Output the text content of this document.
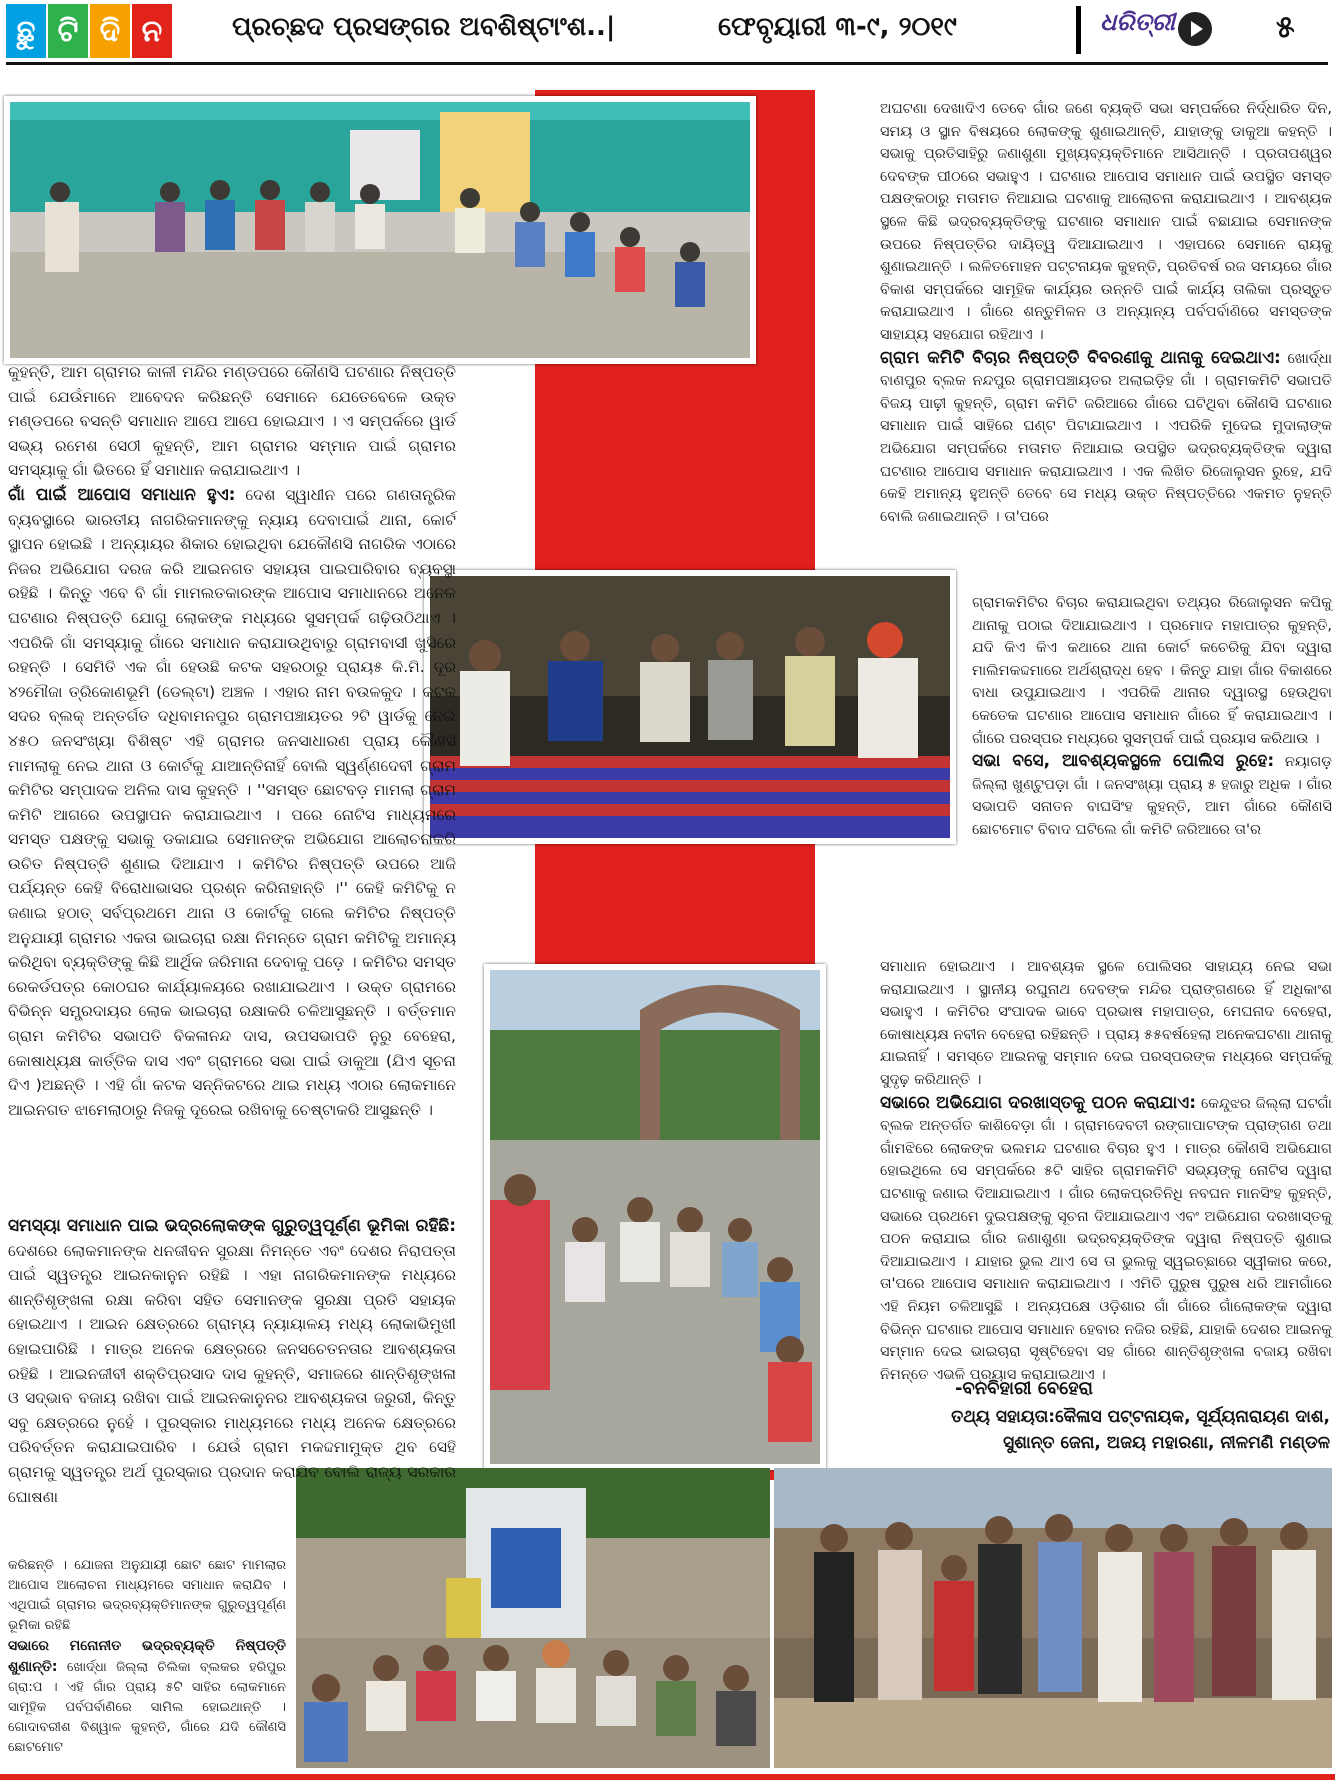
ଛୁ ଟି ଦି ନ	ପ୍ରଚ୍ଛଦ ପ୍ରସଙ୍ଗର ଅବଶିଷ୍ଟାଂଶ..|	ଫେବୃୟାରୀ ୩-୯, ୨୦୧୯	ଧରିତ୍ରୀ	୫

କୁହନ୍ତି, ଆମ ଗ୍ରାମର କାଳୀ ମନ୍ଦିର ମଣ୍ଡପରେ କୌଣସି ଘଟଣାର ନିଷ୍ପତ୍ତି ପାଇଁ ଯେଉଁମାନେ ଆବେଦନ କରିଛନ୍ତି ସେମାନେ ଯେତେବେଳେ ଉକ୍ତ ମଣ୍ଡପରେ ବସନ୍ତି ସମାଧାନ ଆପେ ଆପେ ହୋଇଯାଏ । ଏ ସମ୍ପର୍କରେ ୱାର୍ଡ ସଭ୍ୟ ରମେଶ ସେଠୀ କୁହନ୍ତି, ଆମ ଗ୍ରାମର ସମ୍ମାନ ପାଇଁ ଗ୍ରାମର ସମସ୍ୟାକୁ ଗାଁ ଭିତରେ ହିଁ ସମାଧାନ କରାଯାଇଥାଏ ।

ଗାଁ ପାଇଁ ଆପୋସ ସମାଧାନ ହୁଏ: ଦେଶ ସ୍ୱାଧୀନ ପରେ ଗଣତାନ୍ତ୍ରିକ ବ୍ୟବସ୍ଥାରେ ଭାରତୀୟ ନାଗରିକମାନଙ୍କୁ ନ୍ୟାୟ ଦେବାପାଇଁ ଥାନା, କୋର୍ଟ ସ୍ଥାପନ ହୋଇଛି । ଅନ୍ୟାୟର ଶିକାର ହୋଇଥିବା ଯେକୌଣସି ନାଗରିକ ଏଠାରେ ନିଜର ଅଭିଯୋଗ ଦରଜ କରି ଆଇନଗତ ସହାୟତା ପାଇପାରିବାର ବ୍ୟବସ୍ଥା ରହିଛି । କିନ୍ତୁ ଏବେ ବି ଗାଁ ମାମଲତକାରଙ୍କ ଆପୋସ ସମାଧାନରେ ଅନେକ ଘଟଣାର ନିଷ୍ପତ୍ତି ଯୋଗୁ ଲୋକଙ୍କ ମଧ୍ୟରେ ସୁସମ୍ପର୍କ ଗଢ଼ିଉଠିଥାଏ । ଏପରିକି ଗାଁ ସମସ୍ୟାକୁ ଗାଁରେ ସମାଧାନ କରାଯାଉଥିବାରୁ ଗ୍ରାମବାସୀ ଖୁସିରେ ରହନ୍ତି । ସେମିତି ଏକ ଗାଁ ହେଉଛି କଟକ ସହରଠାରୁ ପ୍ରାୟ୫ କି.ମି. ଦୂର ୪୨ମୌଜା ତ୍ରିକୋଣଭୂମି (ଡେଲ୍ଟା) ଅଞ୍ଚଳ । ଏହାର ନାମ ବଉଳକୁଦ । କଟକ ସଦର ବ୍ଲକ୍ ଅନ୍ତର୍ଗତ ଦଧିବାମନପୁର ଗ୍ରାମପଞ୍ଚାୟତର ୨ଟି ୱାର୍ଡକୁ ନେଇ ୪୫୦ ଜନସଂଖ୍ୟା ବିଶିଷ୍ଟ ଏହି ଗ୍ରାମର ଜନସାଧାରଣ ପ୍ରାୟ କୌଣସି ମାମଲାକୁ ନେଇ ଥାନା ଓ କୋର୍ଟକୁ ଯାଆନ୍ତିନାହିଁ ବୋଲି ସ୍ୱର୍ଣ୍ଣଦେବୀ ଗ୍ରାମ କମିଟିର ସମ୍ପାଦକ ଅନିଲ ଦାସ କୁହନ୍ତି । ''ସମସ୍ତ ଛୋଟବଡ଼ ମାମଲା ଗ୍ରାମ କମିଟି ଆଗରେ ଉପସ୍ଥାପନ କରାଯାଇଥାଏ । ପରେ ନୋଟିସ ମାଧ୍ୟମରେ ସମସ୍ତ ପକ୍ଷଙ୍କୁ ସଭାକୁ ଡକାଯାଇ ସେମାନଙ୍କ ଅଭିଯୋଗ ଆଲୋଚନାକରି ଉଚିତ ନିଷ୍ପତ୍ତି ଶୁଣାଇ ଦିଆଯାଏ । କମିଟିର ନିଷ୍ପତ୍ତି ଉପରେ ଆଜି ପର୍ଯ୍ୟନ୍ତ କେହି ବିରୋଧାଭାସର ପ୍ରଶ୍ନ କରିନାହାନ୍ତି ।'' କେହି କମିଟିକୁ ନ ଜଣାଇ ହଠାତ୍ ସର୍ବପ୍ରଥମେ ଥାନା ଓ କୋର୍ଟକୁ ଗଲେ କମିଟିର ନିଷ୍ପତ୍ତି ଅନୁଯାୟୀ ଗ୍ରାମର ଏକତା ଭାଇଚାରା ରକ୍ଷା ନିମନ୍ତେ ଗ୍ରାମ କମିଟିକୁ ଅମାନ୍ୟ କରିଥିବା ବ୍ୟକ୍ତିଙ୍କୁ କିଛି ଆର୍ଥିକ ଜରିମାନା ଦେବାକୁ ପଡ଼େ । କମିଟିର ସମସ୍ତ ରେକର୍ଡପତ୍ର କୋଠଘର କାର୍ଯ୍ୟାଳୟରେ ରଖାଯାଇଥାଏ । ଉକ୍ତ ଗ୍ରାମରେ ବିଭିନ୍ନ ସମ୍ପ୍ରଦାୟର ଲୋକ ଭାଇଚାରା ରକ୍ଷାକରି ଚଳିଆସୁଛନ୍ତି । ବର୍ତ୍ତମାନ ଗ୍ରାମ କମିଟିର ସଭାପତି ବିକଳାନନ୍ଦ ଦାସ, ଉପସଭାପତି ନୁରୁ ବେହେରା, କୋଷାଧ୍ୟକ୍ଷ କାର୍ତ୍ତିକ ଦାସ ଏବଂ ଗ୍ରାମରେ ସଭା ପାଇଁ ଡାକୁଆ (ଯିଏ ସୂଚନା ଦିଏ )ଅଛନ୍ତି । ଏହି ଗାଁ କଟକ ସନ୍ନିକଟରେ ଥାଇ ମଧ୍ୟ ଏଠାର ଲୋକମାନେ ଆଇନଗତ ଝାମେଲାଠାରୁ ନିଜକୁ ଦୂରେଇ ରଖିବାକୁ ଚେଷ୍ଟାକରି ଆସୁଛନ୍ତି ।

ସମସ୍ୟା ସମାଧାନ ପାଇ ଭଦ୍ରଲୋକଙ୍କ ଗୁରୁତ୍ୱପୂର୍ଣ୍ଣ ଭୂମିକା ରହିଛି: ଦେଶରେ ଲୋକମାନଙ୍କ ଧନଜୀବନ ସୁରକ୍ଷା ନିମନ୍ତେ ଏବଂ ଦେଶର ନିରାପତ୍ତା ପାଇଁ ସ୍ୱତନ୍ତ୍ର ଆଇନକାନୁନ ରହିଛି । ଏହା ନାଗରିକମାନଙ୍କ ମଧ୍ୟରେ ଶାନ୍ତିଶୃଙ୍ଖଳା ରକ୍ଷା କରିବା ସହିତ ସେମାନଙ୍କ ସୁରକ୍ଷା ପ୍ରତି ସହାୟକ ହୋଇଥାଏ । ଆଇନ କ୍ଷେତ୍ରରେ ଗ୍ରାମ୍ୟ ନ୍ୟାୟାଳୟ ମଧ୍ୟ ଲୋକାଭିମୁଖୀ ହୋଇପାରିଛି । ମାତ୍ର ଅନେକ କ୍ଷେତ୍ରରେ ଜନସଚେତନତାର ଆବଶ୍ୟକତା ରହିଛି । ଆଇନଜୀବୀ ଶକ୍ତିପ୍ରସାଦ ଦାସ କୁହନ୍ତି, ସମାଜରେ ଶାନ୍ତିଶୃଙ୍ଖଳା ଓ ସଦ୍ଭାବ ବଜାୟ ରଖିବା ପାଇଁ ଆଇନକାନୁନର ଆବଶ୍ୟକତା ଜରୁରୀ, କିନ୍ତୁ ସବୁ କ୍ଷେତ୍ରରେ ନୁହେଁ । ପୁରସ୍କାର ମାଧ୍ୟମରେ ମଧ୍ୟ ଅନେକ କ୍ଷେତ୍ରରେ ପରିବର୍ତ୍ତନ କରାଯାଇପାରିବ । ଯେଉଁ ଗ୍ରାମ ମକଦ୍ଦମାମୁକ୍ତ ଥିବ ସେହି ଗ୍ରାମକୁ ସ୍ୱତନ୍ତ୍ର ଅର୍ଥ ପୁରସ୍କାର ପ୍ରଦାନ କରାଯିବ ବୋଲି ରାଜ୍ୟ ସରକାର ଘୋଷଣା

କରିଛନ୍ତି । ଯୋଜନା ଅନୁଯାୟୀ ଛୋଟ ଛୋଟ ମାମଲାର ଆପୋସ ଆଲୋଚନା ମାଧ୍ୟମରେ ସମାଧାନ କରାଯିବ । ଏଥିପାଇଁ ଗ୍ରାମର ଭଦ୍ରବ୍ୟକ୍ତିମାନଙ୍କ ଗୁରୁତ୍ୱପୂର୍ଣ୍ଣ ଭୂମିକା ରହିଛି

ସଭାରେ ମନୋନୀତ ଭଦ୍ରବ୍ୟକ୍ତି ନିଷ୍ପତ୍ତି ଶୁଣାନ୍ତି: ଖୋର୍ଦ୍ଧା ଜିଲ୍ଲା ଚିଲିକା ବ୍ଲକର ହରିପୁର ଗ୍ରା:ପ । ଏହି ଗାଁର ପ୍ରାୟ ୫ଟି ସାହିର ଲୋକମାନେ ସାମୂହିକ ପର୍ବପର୍ବାଣିରେ ସାମିଲ ହୋଇଥାନ୍ତି । ଗୋଦାବରୀଶ ବିଶ୍ୱାଳ କୁହନ୍ତି, ଗାଁରେ ଯଦି କୌଣସି ଛୋଟମୋଟ

ଅଘଟଣା ଦେଖାଦିଏ ତେବେ ଗାଁର ଜଣେ ବ୍ୟକ୍ତି ସଭା ସମ୍ପର୍କରେ ନିର୍ଦ୍ଧାରିତ ଦିନ, ସମୟ ଓ ସ୍ଥାନ ବିଷୟରେ ଲୋକଙ୍କୁ ଶୁଣାଇଥାନ୍ତି, ଯାହାଙ୍କୁ ଡାକୁଆ କହନ୍ତି । ସଭାକୁ ପ୍ରତିସାହିରୁ ଜଣାଶୁଣା ମୁଖ୍ୟବ୍ୟକ୍ତିମାନେ ଆସିଥାନ୍ତି । ପ୍ରତାପଶ୍ୱର ଦେବଙ୍କ ପୀଠରେ ସଭାହୁଏ । ଘଟଣାର ଆପୋସ ସମାଧାନ ପାଇଁ ଉପସ୍ଥିତ ସମସ୍ତ ପକ୍ଷଙ୍କଠାରୁ ମତାମତ ନିଆଯାଇ ଘଟଣାକୁ ଆଲୋଚନା କରାଯାଇଥାଏ । ଆବଶ୍ୟକ ସ୍ଥଳେ କିଛି ଭଦ୍ରବ୍ୟକ୍ତିଙ୍କୁ ଘଟଣାର ସମାଧାନ ପାଇଁ ବଛାଯାଇ ସେମାନଙ୍କ ଉପରେ ନିଷ୍ପତ୍ତିର ଦାୟିତ୍ୱ ଦିଆଯାଇଥାଏ । ଏହାପରେ ସେମାନେ ରାୟକୁ ଶୁଣାଇଥାନ୍ତି । ଲଳିତମୋହନ ପଟ୍ଟନାୟକ କୁହନ୍ତି, ପ୍ରତିବର୍ଷ ରଜ ସମୟରେ ଗାଁର ବିକାଶ ସମ୍ପର୍କରେ ସାମୂହିକ କାର୍ଯ୍ୟର ଉନ୍ନତି ପାଇଁ କାର୍ଯ୍ୟ ତାଲିକା ପ୍ରସ୍ତୁତ କରାଯାଇଥାଏ । ଗାଁରେ ଶନ୍ତୁମିଳନ ଓ ଅନ୍ୟାନ୍ୟ ପର୍ବପର୍ବାଣିରେ ସମସ୍ତଙ୍କ ସାହାଯ୍ୟ ସହଯୋଗ ରହିଥାଏ ।

ଗ୍ରାମ କମିଟି ବିଚାର ନିଷ୍ପତ୍ତି ବିବରଣୀକୁ ଥାନାକୁ ଦେଇଥାଏ: ଖୋର୍ଦ୍ଧା ବାଣପୁର ବ୍ଲକ ନନ୍ଦପୁର ଗ୍ରାମପଞ୍ଚାୟତର ଅଲାଇଡ଼ିହ ଗାଁ । ଗ୍ରାମକମିଟି ସଭାପତି ବିଜୟ ପାଢ଼ୀ କୁହନ୍ତି, ଗ୍ରାମ କମିଟି ଜରିଆରେ ଗାଁରେ ଘଟିଥିବା କୌଣସି ଘଟଣାର ସମାଧାନ ପାଇଁ ସାହିରେ ଘଣ୍ଟ ପିଟାଯାଇଥାଏ । ଏପରିକି ମୁଦେଇ ମୁଦାଲାଙ୍କ ଅଭିଯୋଗ ସମ୍ପର୍କରେ ମତାମତ ନିଆଯାଇ ଉପସ୍ଥିତ ଭଦ୍ରବ୍ୟକ୍ତିଙ୍କ ଦ୍ୱାରା ଘଟଣାର ଆପୋସ ସମାଧାନ କରାଯାଇଥାଏ । ଏକ ଲିଖିତ ରିଜୋଲୁସନ ରୁହେ, ଯଦି କେହି ଅମାନ୍ୟ ହୁଅନ୍ତି ତେବେ ସେ ମଧ୍ୟ ଉକ୍ତ ନିଷ୍ପତ୍ତିରେ ଏକମତ ନୁହନ୍ତି ବୋଲି ଜଣାଇଥାନ୍ତି । ତା'ପରେ

ଗ୍ରାମକମିଟିର ବିଚାର କରାଯାଇଥିବା ତଥ୍ୟର ରିଜୋଲୁସନ କପିକୁ ଥାନାକୁ ପଠାଇ ଦିଆଯାଇଥାଏ । ପ୍ରମୋଦ ମହାପାତ୍ର କୁହନ୍ତି, ଯଦି କିଏ କିଏ କଥାରେ ଥାନା କୋର୍ଟ କଚେରିକୁ ଯିବା ଦ୍ୱାରା ମାଲିମକଦ୍ଦମାରେ ଅର୍ଥଶ୍ରାଦ୍ଧ ହେବ । କିନ୍ତୁ ଯାହା ଗାଁର ବିକାଶରେ ବାଧା ଉପୁଯାଇଥାଏ । ଏପରିକି ଥାନାର ଦ୍ୱାରସ୍ଥ ହେଉଥିବା କେତେକ ଘଟଣାର ଆପୋସ ସମାଧାନ ଗାଁରେ ହିଁ କରାଯାଇଥାଏ । ଗାଁରେ ପରସ୍ପର ମଧ୍ୟରେ ସୁସମ୍ପର୍କ ପାଇଁ ପ୍ରୟାସ କରିଥାଉ ।

ସଭା ବସେ, ଆବଶ୍ୟକସ୍ଥଳେ ପୋଲିସ ରୁହେ: ନୟାଗଡ଼ ଜିଲ୍ଲା ଖୁଣ୍ଟୁପଡ଼ା ଗାଁ । ଜନସଂଖ୍ୟା ପ୍ରାୟ ୫ ହଜାରୁ ଅଧିକ । ଗାଁର ସଭାପତି ସନାତନ ବାଘସିଂହ କୁହନ୍ତି, ଆମ ଗାଁରେ କୌଣସି ଛୋଟମୋଟ ବିବାଦ ଘଟିଲେ ଗାଁ କମିଟି ଜରିଆରେ ତା'ର

ସମାଧାନ ହୋଇଥାଏ । ଆବଶ୍ୟକ ସ୍ଥଳେ ପୋଲିସର ସାହାଯ୍ୟ ନେଇ ସଭା କରାଯାଇଥାଏ । ସ୍ଥାନୀୟ ରଘୁନାଥ ଦେବଙ୍କ ମନ୍ଦିର ପ୍ରାଙ୍ଗଣରେ ହିଁ ଅଧିକାଂଶ ସଭାହୁଏ । କମିଟିର ସଂପାଦକ ଭାବେ ପ୍ରଭାଷ ମହାପାତ୍ର, ମେଘନାଦ ବେହେରା, କୋଷାଧ୍ୟକ୍ଷ ନବୀନ ବେହେରା ରହିଛନ୍ତି । ପ୍ରାୟ ୫୫ବର୍ଷହେଲା ଅନେକଘଟଣା ଥାନାକୁ ଯାଇନାହିଁ । ସମସ୍ତେ ଆଇନକୁ ସମ୍ମାନ ଦେଇ ପରସ୍ପରଙ୍କ ମଧ୍ୟରେ ସମ୍ପର୍କକୁ ସୁଦୃଢ଼ କରିଥାନ୍ତି ।

ସଭାରେ ଅଭିଯୋଗ ଦରଖାସ୍ତକୁ ପଠନ କରାଯାଏ: କେନ୍ଦୁଝର ଜିଲ୍ଲା ଘଟଗାଁ ବ୍ଲକ ଅନ୍ତର୍ଗତ କାଶିବେଡ଼ା ଗାଁ । ଗ୍ରାମଦେବତୀ ରଙ୍ଗାପାଟଙ୍କ ପ୍ରାଙ୍ଗଣ ତଥା ଗାଁମଝିରେ ଲୋକଙ୍କ ଭଲମନ୍ଦ ଘଟଣାର ବିଚାର ହୁଏ । ମାତ୍ର କୌଣସି ଅଭିଯୋଗ ହୋଇଥିଲେ ସେ ସମ୍ପର୍କରେ ୫ଟି ସାହିର ଗ୍ରାମକମିଟି ସଭ୍ୟଙ୍କୁ ନୋଟିସ ଦ୍ୱାରା ଘଟଣାକୁ ଜଣାଇ ଦିଆଯାଇଥାଏ । ଗାଁର ଲୋକପ୍ରତିନିଧି ନବଘନ ମାନସିଂହ କୁହନ୍ତି, ସଭାରେ ପ୍ରଥମେ ଦୁଇପକ୍ଷଙ୍କୁ ସୂଚନା ଦିଆଯାଇଥାଏ ଏବଂ ଅଭିଯୋଗ ଦରଖାସ୍ତକୁ ପଠନ କରାଯାଇ ଗାଁର ଜଣାଶୁଣା ଭଦ୍ରବ୍ୟକ୍ତିଙ୍କ ଦ୍ୱାରା ନିଷ୍ପତ୍ତି ଶୁଣାଇ ଦିଆଯାଇଥାଏ । ଯାହାର ଭୁଲ ଥାଏ ସେ ତା ଭୁଲକୁ ସ୍ୱଇଚ୍ଛାରେ ସ୍ୱୀକାର କରେ, ତା'ପରେ ଆପୋସ ସମାଧାନ କରାଯାଇଥାଏ । ଏମିତି ପୁରୁଷ ପୁରୁଷ ଧରି ଆମଗାଁରେ ଏହି ନିୟମ ଚଳିଆସୁଛି । ଅନ୍ୟପକ୍ଷେ ଓଡ଼ିଶାର ଗାଁ ଗାଁରେ ଗାଁଲୋକଙ୍କ ଦ୍ୱାରା ବିଭିନ୍ନ ଘଟଣାର ଆପୋସ ସମାଧାନ ହେବାର ନଜିର ରହିଛି, ଯାହାକି ଦେଶର ଆଇନକୁ ସମ୍ମାନ ଦେଇ ଭାଇଚାରା ସୃଷ୍ଟିହେବା ସହ ଗାଁରେ ଶାନ୍ତିଶୃଙ୍ଖଳା ବଜାୟ ରଖିବା ନିମନ୍ତେ ଏଭଳି ପ୍ରୟାସ କରାଯାଇଥାଏ ।

-ବନବିହାରୀ ବେହେରା
ତଥ୍ୟ ସହାୟତା:କୈଳାସ ପଟ୍ଟନାୟକ, ସୂର୍ଯ୍ୟନାରାୟଣ ଦାଶ, ସୁଶାନ୍ତ ଜେନା, ଅଜୟ ମହାରଣା, ନୀଳମଣି ମଣ୍ଡଳ
